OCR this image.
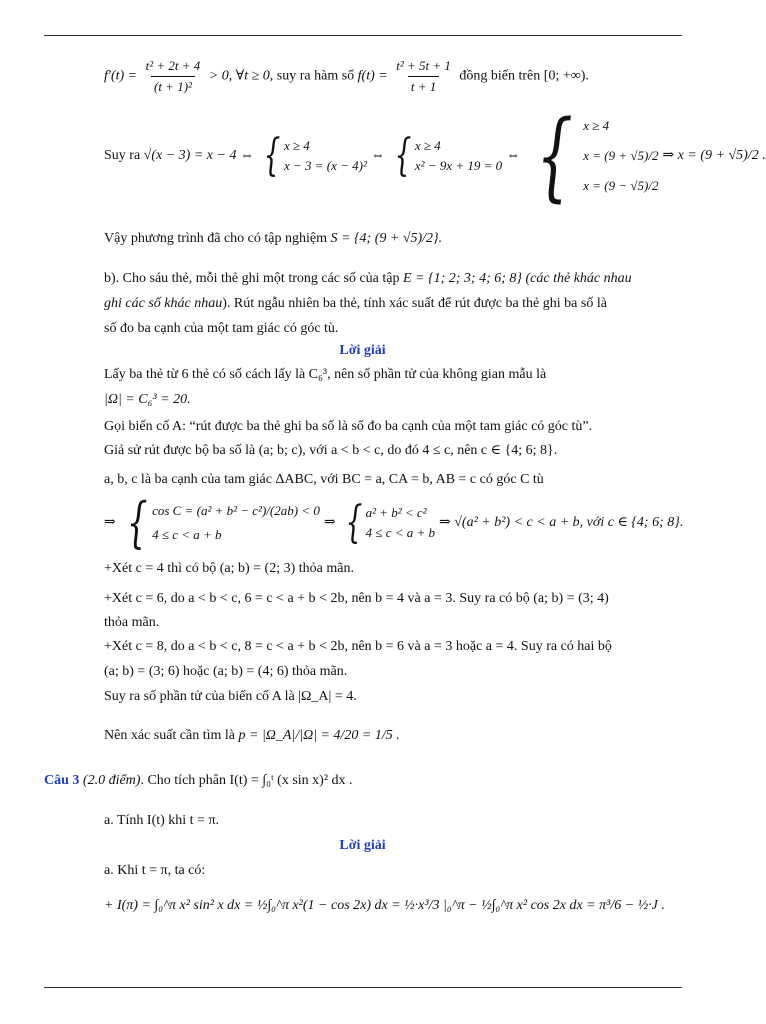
$f'(t) = \frac{\text{t² + 2t + 4}}{\text{(t + 1)²}} > 0$, ∀t ≥ 0, suy ra hàm số $f(t) = \frac{\text{t² + 5t + 1}}{t + 1}$ đồng biến trên [0; +∞).
Suy ra
√(x − 3) = x − 4 ⇔ { x ≥ 4
x − 3 = (x − 4)²
⇔ { x ≥ 4
x² − 9x + 19 = 0
⇔ { x ≥ 4
x = (9 + √5)/2
x = (9 − √5)/2
⇒ x = (9 + √5)/2 .
Vậy phương trình đã cho có tập nghiệm S = {4; (9 + √5)/2}.
b). Cho sáu thẻ, mỗi thẻ ghi một trong các số của tập E = {1; 2; 3; 4; 6; 8} (các thẻ khác nhau
ghi các số khác nhau). Rút ngẫu nhiên ba thẻ, tính xác suất để rút được ba thẻ ghi ba số là
số đo ba cạnh của một tam giác có góc tù.
Lời giải
Lấy ba thẻ từ 6 thẻ có số cách lấy là C₆³, nên số phần tử của không gian mẫu là
|Ω| = C₆³ = 20.
Gọi biến cố A: “rút được ba thẻ ghi ba số là số đo ba cạnh của một tam giác có góc tù”.
Giả sử rút được bộ ba số là (a; b; c), với a < b < c, do đó 4 ≤ c, nên c ∈ {4; 6; 8}.
a, b, c là ba cạnh của tam giác ΔABC, với BC = a, CA = b, AB = c có góc C tù
⇒ { cos C = (a² + b² − c²)/(2ab) < 0
4 ≤ c < a + b
⇒ { a² + b² < c²
4 ≤ c < a + b
⇒ √(a² + b²) < c < a + b, với c ∈ {4; 6; 8}.
+Xét c = 4 thì có bộ (a; b) = (2; 3) thỏa mãn.
+Xét c = 6, do a < b < c, 6 = c < a + b < 2b, nên b = 4 và a = 3. Suy ra có bộ (a; b) = (3; 4)
thỏa mãn.
+Xét c = 8, do a < b < c, 8 = c < a + b < 2b, nên b = 6 và a = 3 hoặc a = 4. Suy ra có hai bộ
(a; b) = (3; 6) hoặc (a; b) = (4; 6) thỏa mãn.
Suy ra số phần tử của biến cố A là |Ω_A| = 4.
Nên xác suất cần tìm là p = |Ω_A|/|Ω| = 4/20 = 1/5 .
Câu 3 (2.0 điểm). Cho tích phân I(t) = ∫₀ᵗ (x sin x)² dx .
a. Tính I(t) khi t = π.
Lời giải
a. Khi t = π, ta có:
+ I(π) = ∫₀^π x² sin² x dx = ½∫₀^π x²(1 − cos 2x) dx = ½·x³/3 |₀^π − ½∫₀^π x² cos 2x dx = π³/6 − ½·J .
